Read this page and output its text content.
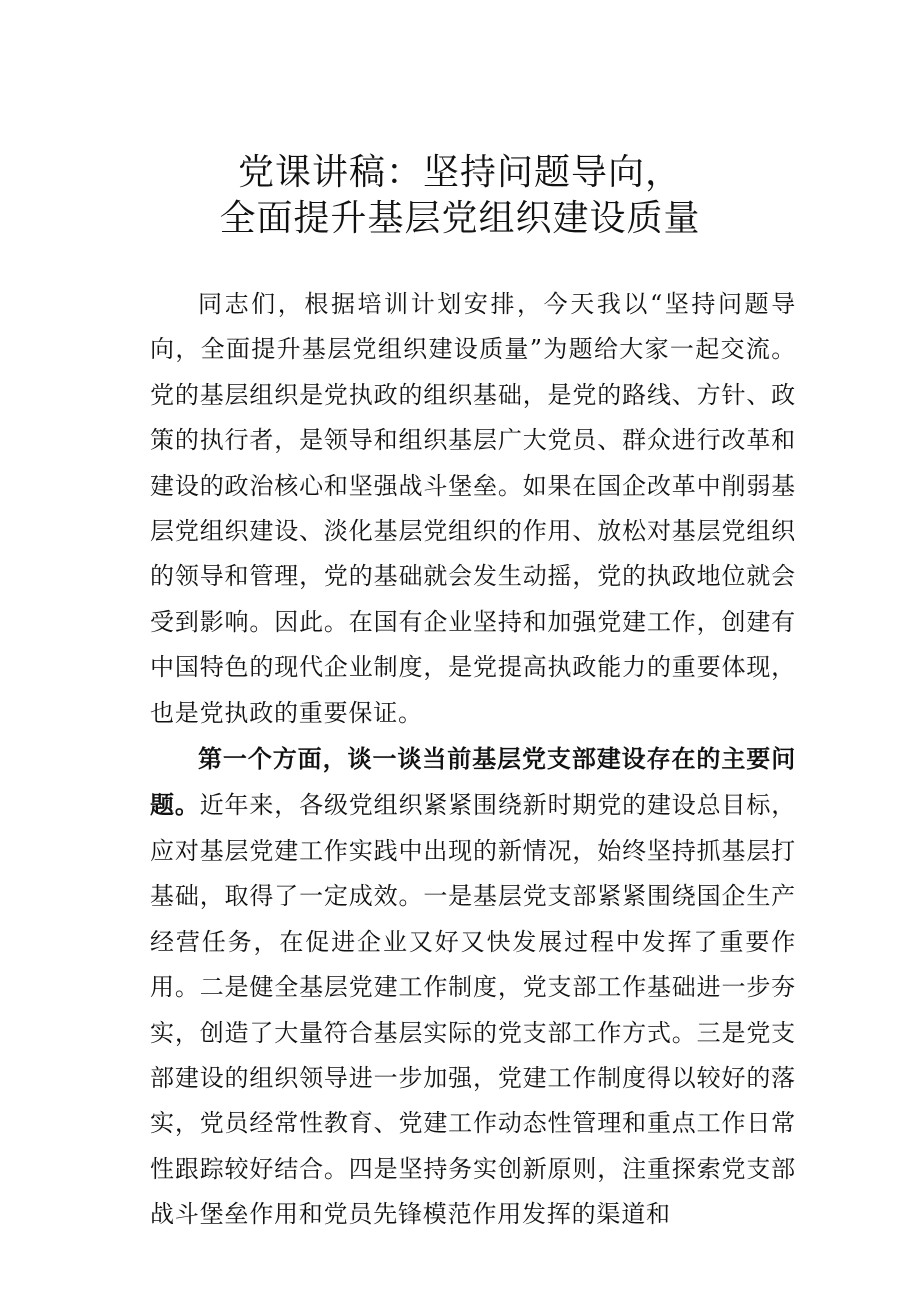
党课讲稿：坚持问题导向，
全面提升基层党组织建设质量

同志们，根据培训计划安排，今天我以“坚持问题导向，全面提升基层党组织建设质量”为题给大家一起交流。党的基层组织是党执政的组织基础，是党的路线、方针、政策的执行者，是领导和组织基层广大党员、群众进行改革和建设的政治核心和坚强战斗堡垒。如果在国企改革中削弱基层党组织建设、淡化基层党组织的作用、放松对基层党组织的领导和管理，党的基础就会发生动摇，党的执政地位就会受到影响。因此。在国有企业坚持和加强党建工作，创建有中国特色的现代企业制度，是党提高执政能力的重要体现，也是党执政的重要保证。

第一个方面，谈一谈当前基层党支部建设存在的主要问题。近年来，各级党组织紧紧围绕新时期党的建设总目标，应对基层党建工作实践中出现的新情况，始终坚持抓基层打基础，取得了一定成效。一是基层党支部紧紧围绕国企生产经营任务，在促进企业又好又快发展过程中发挥了重要作用。二是健全基层党建工作制度，党支部工作基础进一步夯实，创造了大量符合基层实际的党支部工作方式。三是党支部建设的组织领导进一步加强，党建工作制度得以较好的落实，党员经常性教育、党建工作动态性管理和重点工作日常性跟踪较好结合。四是坚持务实创新原则，注重探索党支部战斗堡垒作用和党员先锋模范作用发挥的渠道和
